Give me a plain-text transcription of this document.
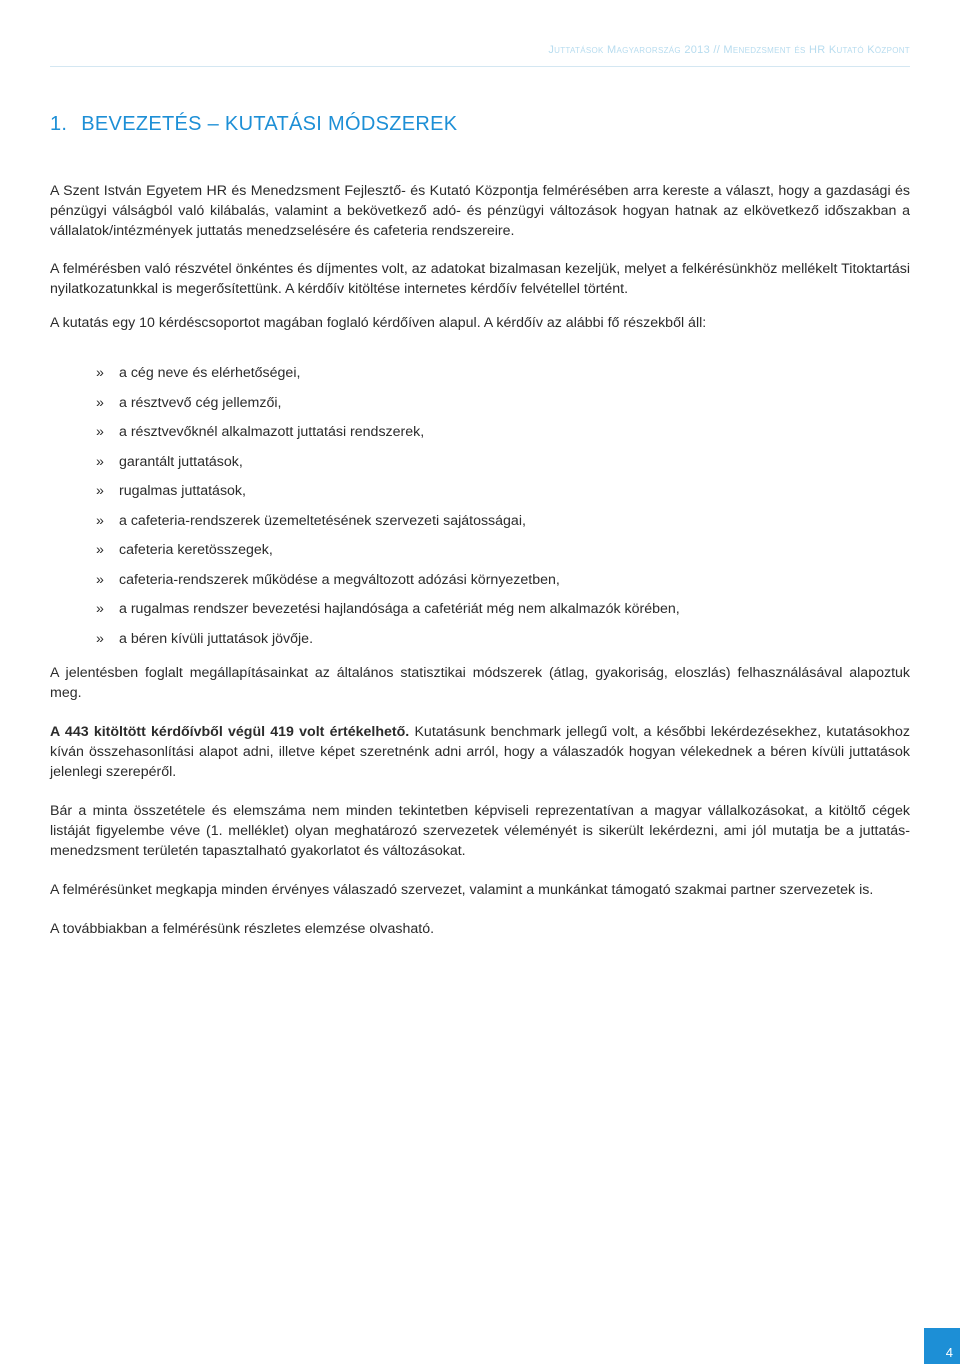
Juttatások Magyarország 2013 // Menedzsment és HR Kutató Központ
1. BEVEZETÉS – KUTATÁSI MÓDSZEREK

A Szent István Egyetem HR és Menedzsment Fejlesztő- és Kutató Központja felmérésében arra kereste a választ, hogy a gazdasági és pénzügyi válságból való kilábalás, valamint a bekövetkező adó- és pénzügyi változások hogyan hatnak az elkövetkező időszakban a vállalatok/intézmények juttatás menedzselésére és cafeteria rendszereire.

A felmérésben való részvétel önkéntes és díjmentes volt, az adatokat bizalmasan kezeljük, melyet a felkérésünkhöz mellékelt Titoktartási nyilatkozatunkkal is megerősítettünk. A kérdőív kitöltése internetes kérdőív felvétellel történt.

A kutatás egy 10 kérdéscsoportot magában foglaló kérdőíven alapul. A kérdőív az alábbi fő részekből áll:

» a cég neve és elérhetőségei,
» a résztvevő cég jellemzői,
» a résztvevőknél alkalmazott juttatási rendszerek,
» garantált juttatások,
» rugalmas juttatások,
» a cafeteria-rendszerek üzemeltetésének szervezeti sajátosságai,
» cafeteria keretösszegek,
» cafeteria-rendszerek működése a megváltozott adózási környezetben,
» a rugalmas rendszer bevezetési hajlandósága a cafetériát még nem alkalmazók körében,
» a béren kívüli juttatások jövője.

A jelentésben foglalt megállapításainkat az általános statisztikai módszerek (átlag, gyakoriság, eloszlás) felhasználásával alapoztuk meg.

A 443 kitöltött kérdőívből végül 419 volt értékelhető. Kutatásunk benchmark jellegű volt, a későbbi lekérdezésekhez, kutatásokhoz kíván összehasonlítási alapot adni, illetve képet szeretnénk adni arról, hogy a válaszadók hogyan vélekednek a béren kívüli juttatások jelenlegi szerepéről.

Bár a minta összetétele és elemszáma nem minden tekintetben képviseli reprezentatívan a magyar vállalkozásokat, a kitöltő cégek listáját figyelembe véve (1. melléklet) olyan meghatározó szervezetek véleményét is sikerült lekérdezni, ami jól mutatja be a juttatás-menedzsment területén tapasztalható gyakorlatot és változásokat.

A felmérésünket megkapja minden érvényes válaszadó szervezet, valamint a munkánkat támogató szakmai partner szervezetek is.

A továbbiakban a felmérésünk részletes elemzése olvasható.

4
